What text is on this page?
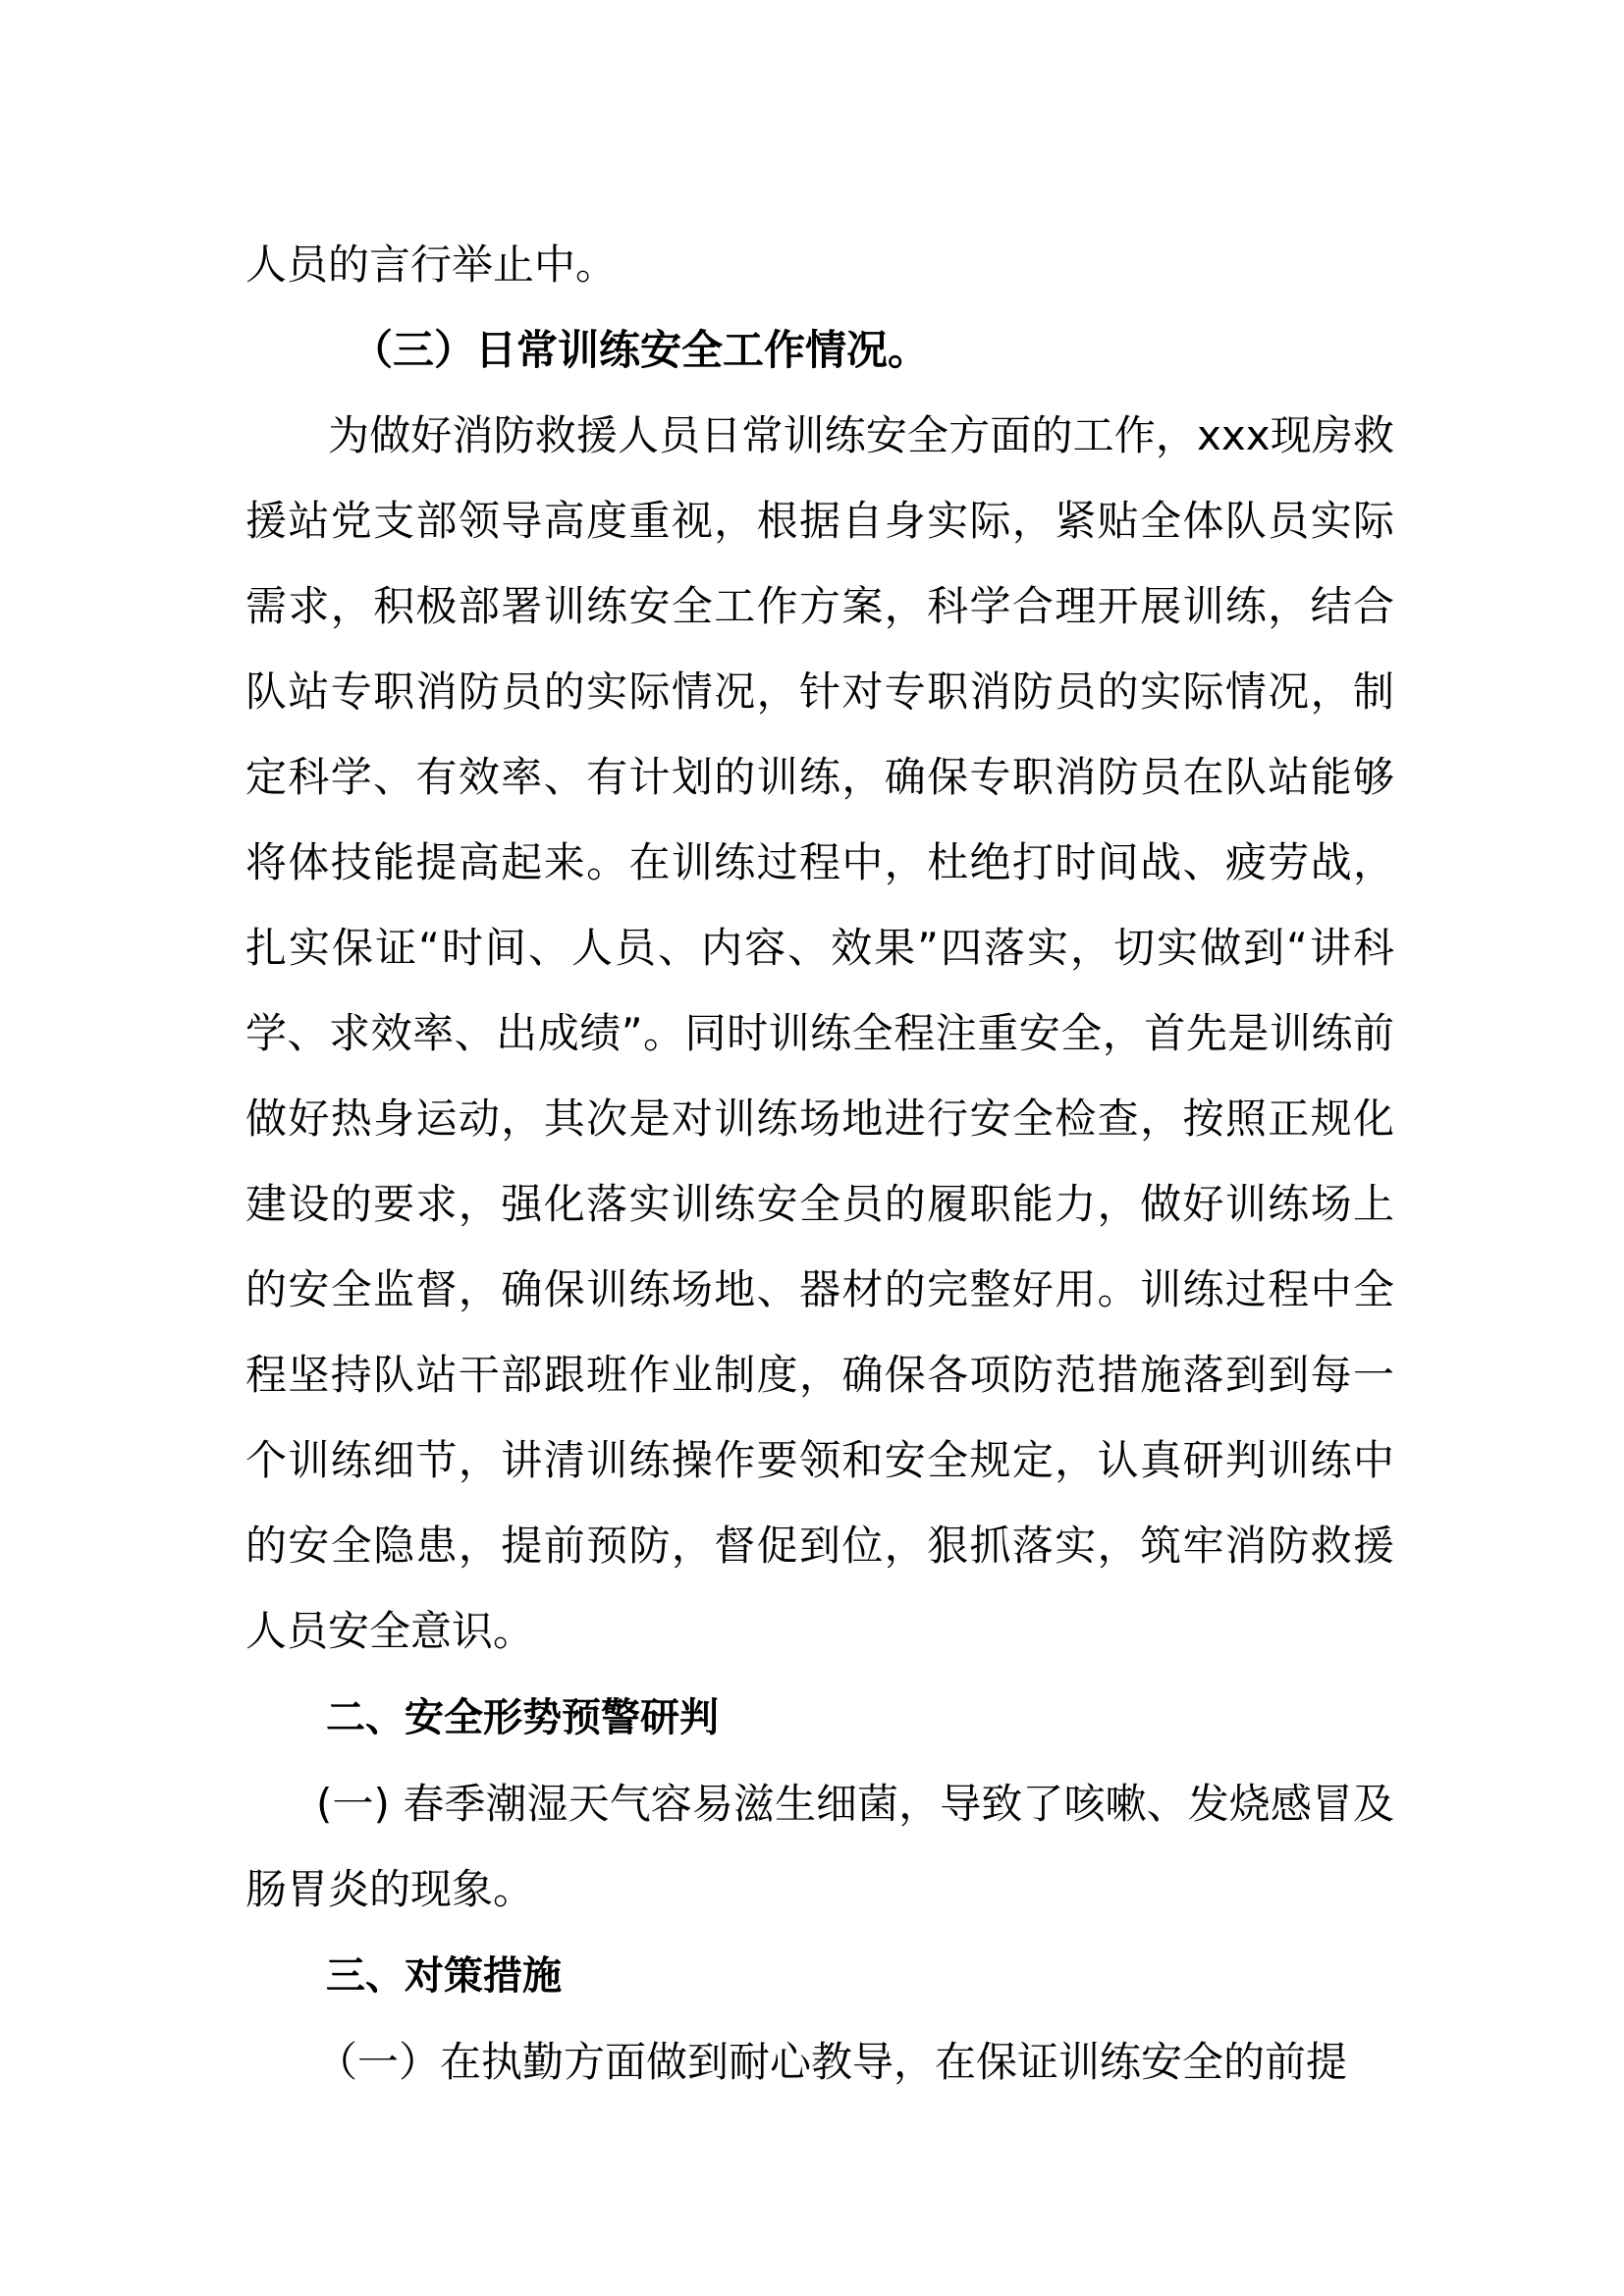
人员的言行举止中。

（三）日常训练安全工作情况。

为做好消防救援人员日常训练安全方面的工作，xxx现房救援站党支部领导高度重视，根据自身实际，紧贴全体队员实际需求，积极部署训练安全工作方案，科学合理开展训练，结合队站专职消防员的实际情况，针对专职消防员的实际情况，制定科学、有效率、有计划的训练，确保专职消防员在队站能够将体技能提高起来。在训练过程中，杜绝打时间战、疲劳战，扎实保证“时间、人员、内容、效果”四落实，切实做到“讲科学、求效率、出成绩”。同时训练全程注重安全，首先是训练前做好热身运动，其次是对训练场地进行安全检查，按照正规化建设的要求，强化落实训练安全员的履职能力，做好训练场上的安全监督，确保训练场地、器材的完整好用。训练过程中全程坚持队站干部跟班作业制度，确保各项防范措施落到到每一个训练细节，讲清训练操作要领和安全规定，认真研判训练中的安全隐患，提前预防，督促到位，狠抓落实，筑牢消防救援人员安全意识。

二、安全形势预警研判

(一) 春季潮湿天气容易滋生细菌，导致了咳嗽、发烧感冒及肠胃炎的现象。

三、对策措施

（一）在执勤方面做到耐心教导，在保证训练安全的前提
